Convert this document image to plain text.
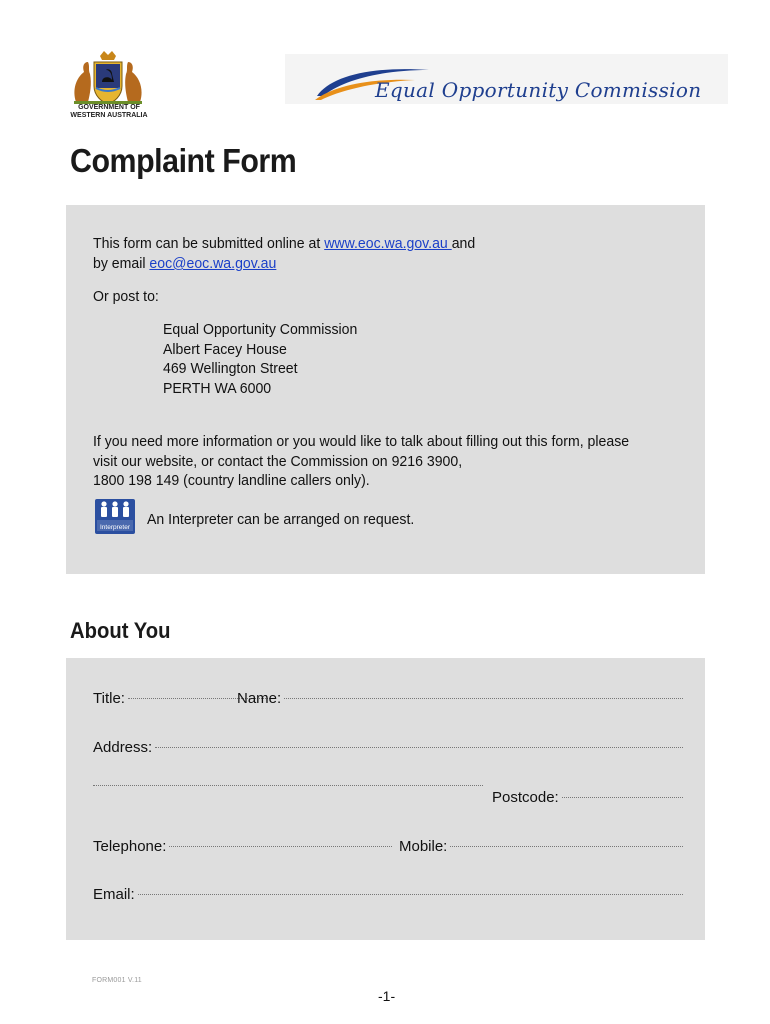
GOVERNMENT OF
WESTERN AUSTRALIA
Equal Opportunity Commission
Complaint Form
This form can be submitted online at www.eoc.wa.gov.au and
by email eoc@eoc.wa.gov.au
Or post to:
Equal Opportunity Commission
Albert Facey House
469 Wellington Street
PERTH WA 6000
If you need more information or you would like to talk about filling out this form, please
visit our website, or contact the Commission on 9216 3900,
1800 198 149 (country landline callers only).
Interpreter An Interpreter can be arranged on request.
About You
Title:	Name:
Address:
Postcode:
Telephone:	Mobile:
Email:
FORM001 V.11
-1-
